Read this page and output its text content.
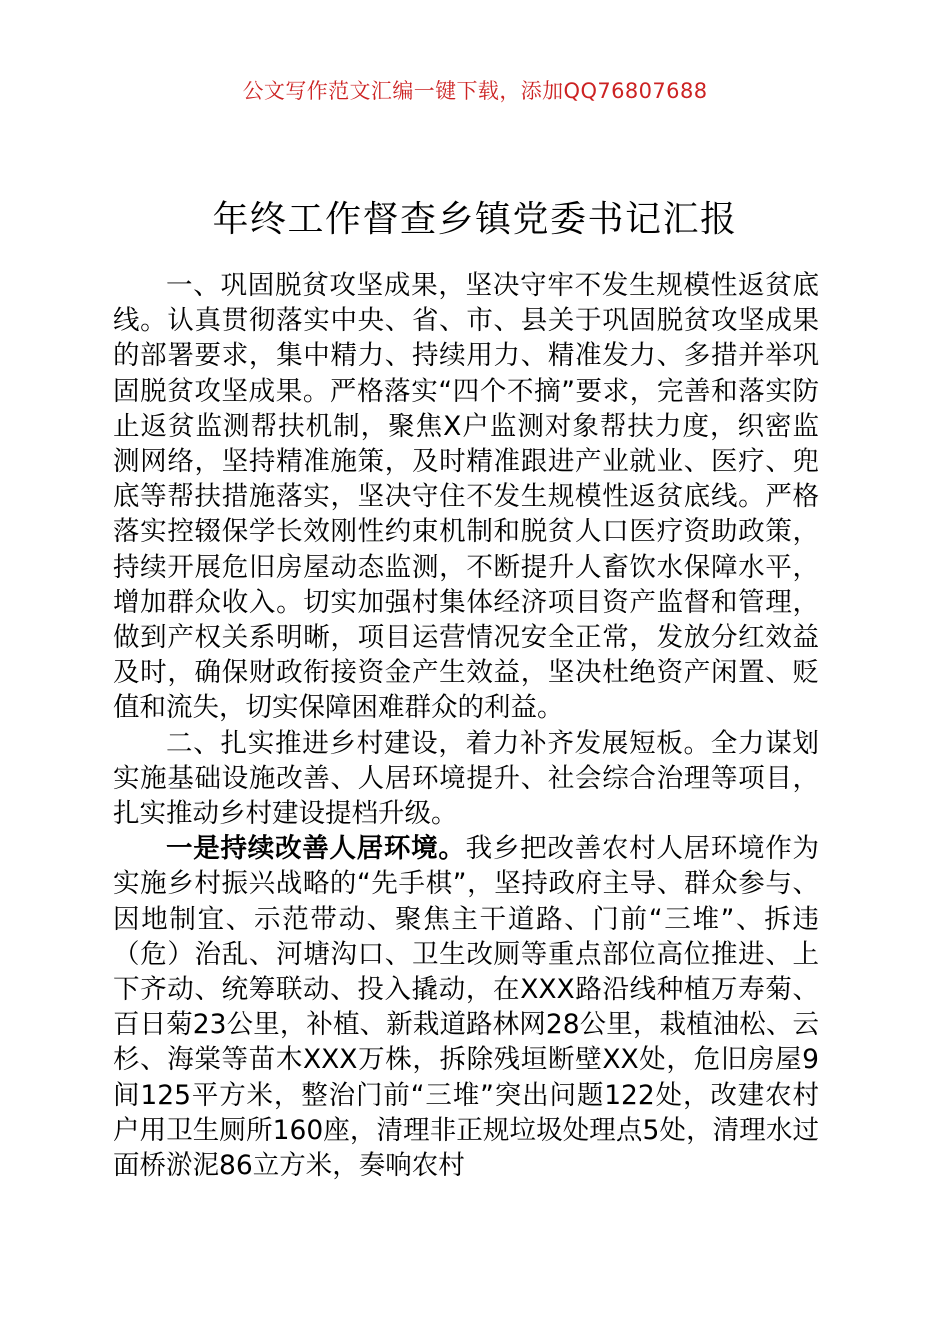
公文写作范文汇编一键下载，添加QQ76807688
年终工作督查乡镇党委书记汇报

一、巩固脱贫攻坚成果，坚决守牢不发生规模性返贫底线。认真贯彻落实中央、省、市、县关于巩固脱贫攻坚成果的部署要求，集中精力、持续用力、精准发力、多措并举巩固脱贫攻坚成果。严格落实“四个不摘”要求，完善和落实防止返贫监测帮扶机制，聚焦X户监测对象帮扶力度，织密监测网络，坚持精准施策，及时精准跟进产业就业、医疗、兜底等帮扶措施落实，坚决守住不发生规模性返贫底线。严格落实控辍保学长效刚性约束机制和脱贫人口医疗资助政策，持续开展危旧房屋动态监测，不断提升人畜饮水保障水平，增加群众收入。切实加强村集体经济项目资产监督和管理，做到产权关系明晰，项目运营情况安全正常，发放分红效益及时，确保财政衔接资金产生效益，坚决杜绝资产闲置、贬值和流失，切实保障困难群众的利益。

二、扎实推进乡村建设，着力补齐发展短板。全力谋划实施基础设施改善、人居环境提升、社会综合治理等项目，扎实推动乡村建设提档升级。

一是持续改善人居环境。我乡把改善农村人居环境作为实施乡村振兴战略的“先手棋”，坚持政府主导、群众参与、因地制宜、示范带动、聚焦主干道路、门前“三堆”、拆违（危）治乱、河塘沟口、卫生改厕等重点部位高位推进、上下齐动、统筹联动、投入撬动，在XXX路沿线种植万寿菊、百日菊23公里，补植、新栽道路林网28公里，栽植油松、云杉、海棠等苗木XXX万株，拆除残垣断壁XX处，危旧房屋9间125平方米，整治门前“三堆”突出问题122处，改建农村户用卫生厕所160座，清理非正规垃圾处理点5处，清理水过面桥淤泥86立方米，奏响农村
